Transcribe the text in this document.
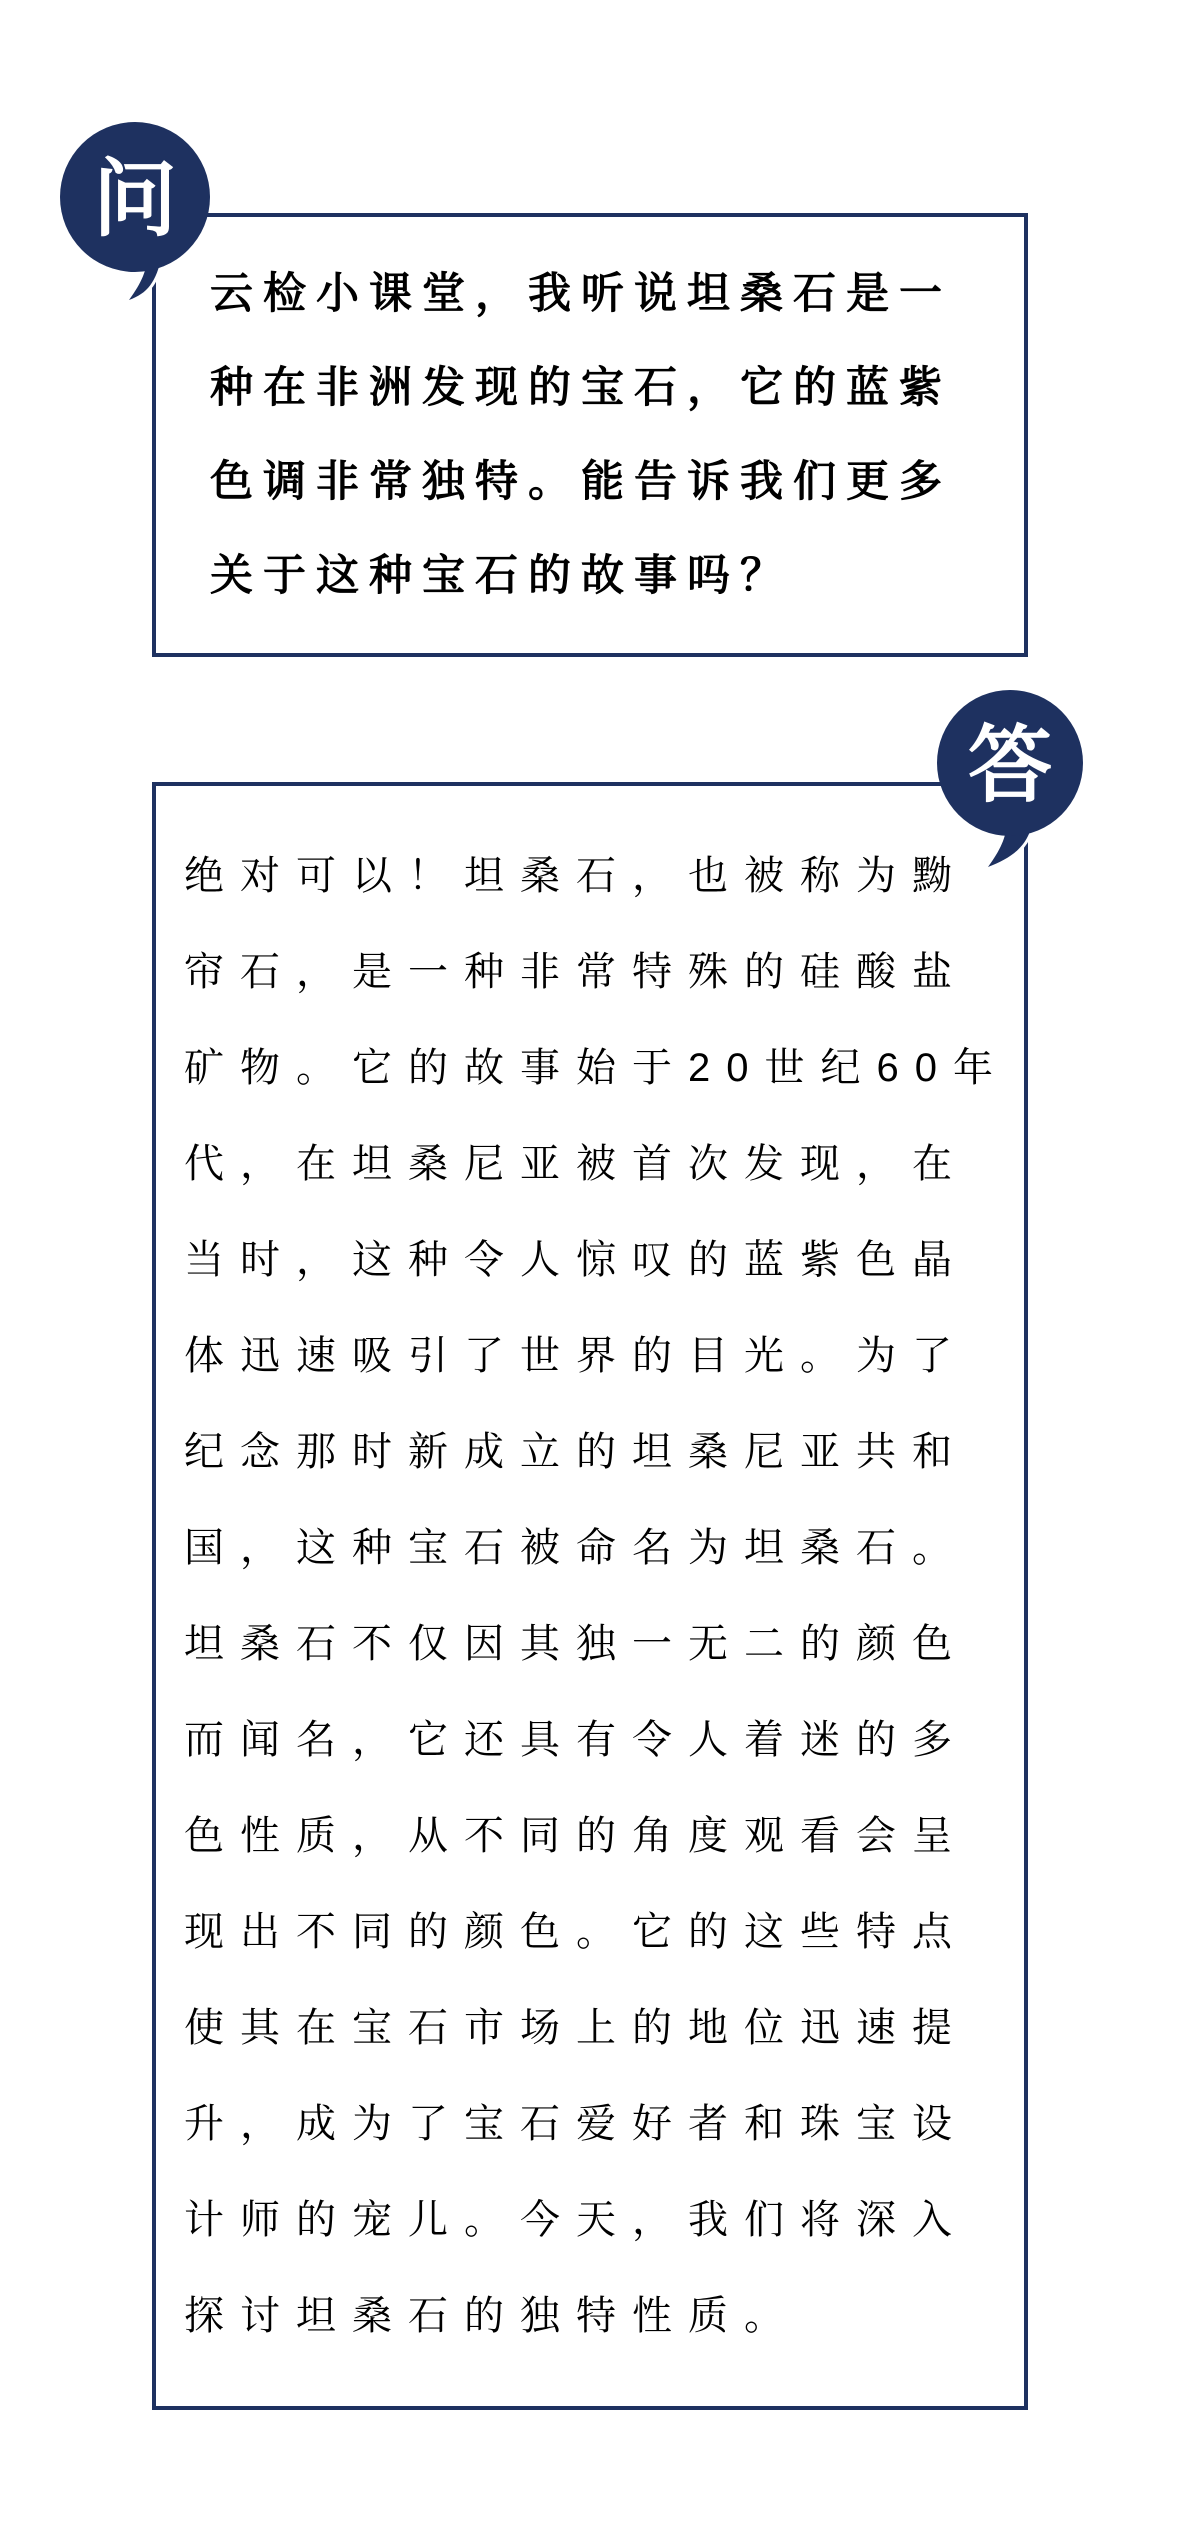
云检小课堂，我听说坦桑石是一
种在非洲发现的宝石，它的蓝紫
色调非常独特。能告诉我们更多
关于这种宝石的故事吗？
绝对可以！坦桑石，也被称为黝
帘石，是一种非常特殊的硅酸盐
矿物。它的故事始于20世纪60年
代，在坦桑尼亚被首次发现，在
当时，这种令人惊叹的蓝紫色晶
体迅速吸引了世界的目光。为了
纪念那时新成立的坦桑尼亚共和
国，这种宝石被命名为坦桑石。
坦桑石不仅因其独一无二的颜色
而闻名，它还具有令人着迷的多
色性质，从不同的角度观看会呈
现出不同的颜色。它的这些特点
使其在宝石市场上的地位迅速提
升，成为了宝石爱好者和珠宝设
计师的宠儿。今天，我们将深入
探讨坦桑石的独特性质。
问
答
